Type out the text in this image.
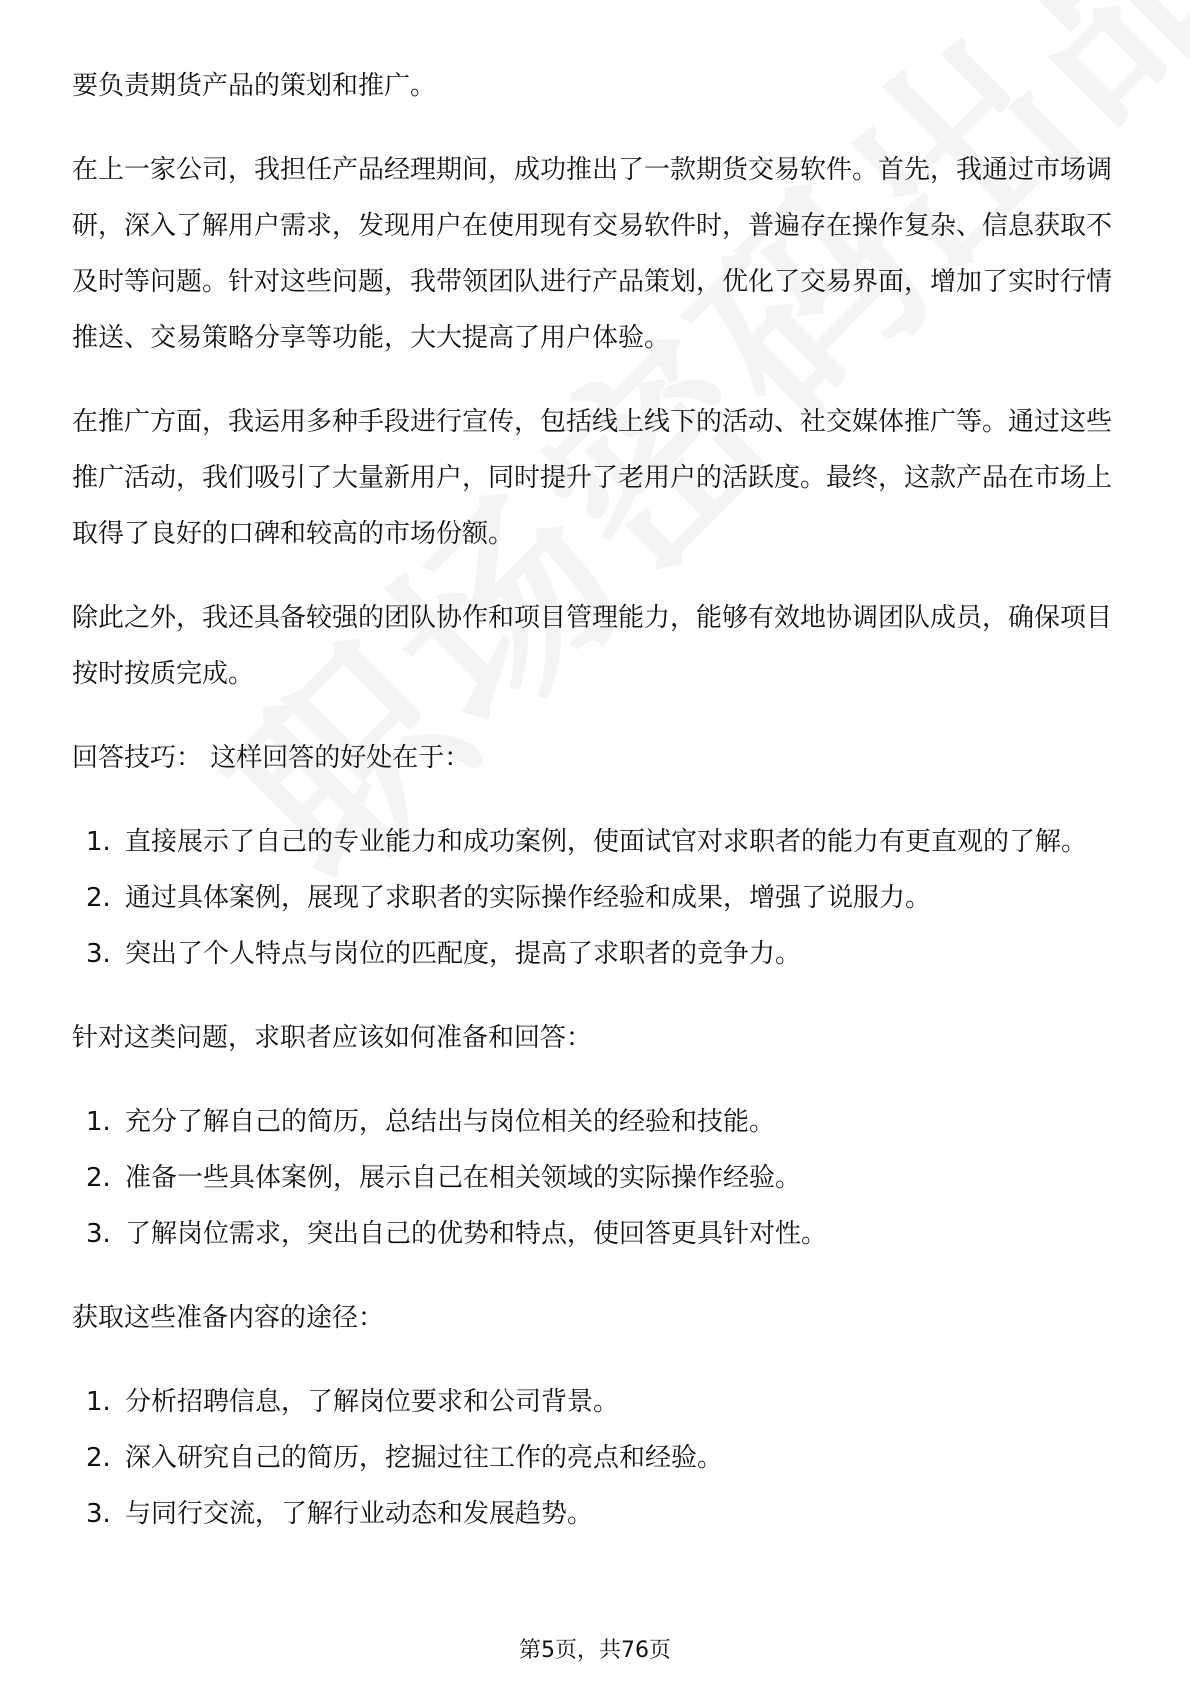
要负责期货产品的策划和推广。

在上一家公司，我担任产品经理期间，成功推出了一款期货交易软件。首先，我通过市场调研，深入了解用户需求，发现用户在使用现有交易软件时，普遍存在操作复杂、信息获取不及时等问题。针对这些问题，我带领团队进行产品策划，优化了交易界面，增加了实时行情推送、交易策略分享等功能，大大提高了用户体验。

在推广方面，我运用多种手段进行宣传，包括线上线下的活动、社交媒体推广等。通过这些推广活动，我们吸引了大量新用户，同时提升了老用户的活跃度。最终，这款产品在市场上取得了良好的口碑和较高的市场份额。

除此之外，我还具备较强的团队协作和项目管理能力，能够有效地协调团队成员，确保项目按时按质完成。

回答技巧： 这样回答的好处在于：

1. 直接展示了自己的专业能力和成功案例，使面试官对求职者的能力有更直观的了解。
2. 通过具体案例，展现了求职者的实际操作经验和成果，增强了说服力。
3. 突出了个人特点与岗位的匹配度，提高了求职者的竞争力。

针对这类问题，求职者应该如何准备和回答：

1. 充分了解自己的简历，总结出与岗位相关的经验和技能。
2. 准备一些具体案例，展示自己在相关领域的实际操作经验。
3. 了解岗位需求，突出自己的优势和特点，使回答更具针对性。

获取这些准备内容的途径：

1. 分析招聘信息，了解岗位要求和公司背景。
2. 深入研究自己的简历，挖掘过往工作的亮点和经验。
3. 与同行交流，了解行业动态和发展趋势。
第5页，共76页
